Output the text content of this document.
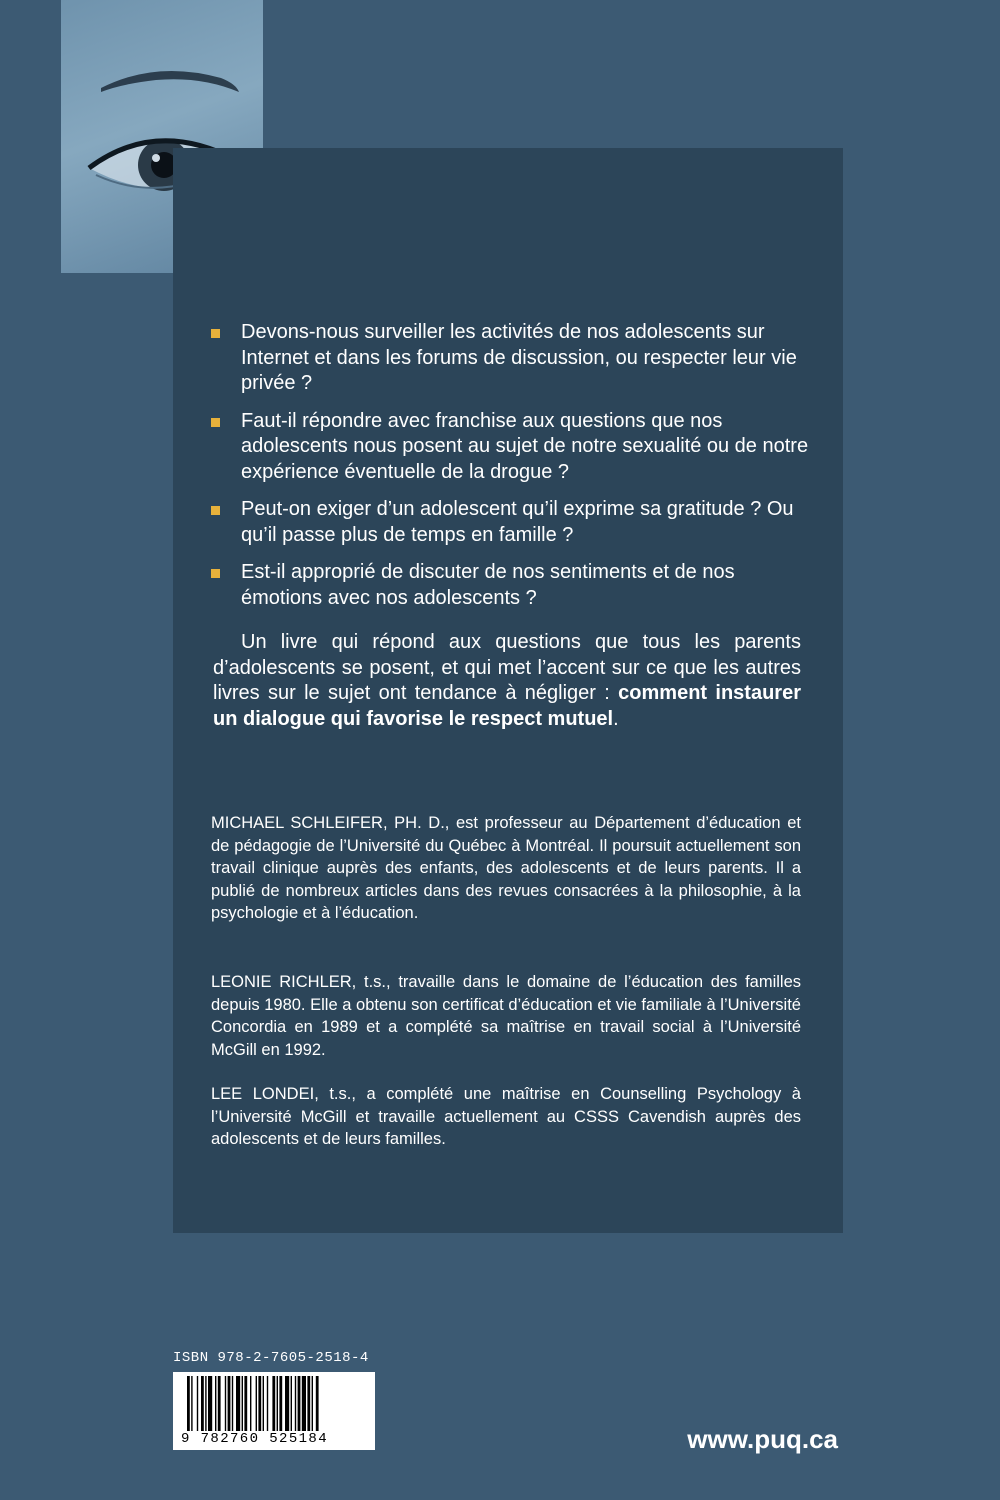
Devons-nous surveiller les activités de nos adolescents sur Internet et dans les forums de discussion, ou respecter leur vie privée ?
Faut-il répondre avec franchise aux questions que nos adolescents nous posent au sujet de notre sexualité ou de notre expérience éventuelle de la drogue ?
Peut-on exiger d’un adolescent qu’il exprime sa gratitude ? Ou qu’il passe plus de temps en famille ?
Est-il approprié de discuter de nos sentiments et de nos émotions avec nos adolescents ?

Un livre qui répond aux questions que tous les parents d’adolescents se posent, et qui met l’accent sur ce que les autres livres sur le sujet ont tendance à négliger : comment instaurer un dialogue qui favorise le respect mutuel.

MICHAEL SCHLEIFER, PH. D., est professeur au Département d’éducation et de pédagogie de l’Université du Québec à Montréal. Il poursuit actuellement son travail clinique auprès des enfants, des adolescents et de leurs parents. Il a publié de nombreux articles dans des revues consacrées à la philosophie, à la psychologie et à l’éducation.

LEONIE RICHLER, t.s., travaille dans le domaine de l’éducation des familles depuis 1980. Elle a obtenu son certificat d’éducation et vie familiale à l’Université Concordia en 1989 et a complété sa maîtrise en travail social à l’Université McGill en 1992.

LEE LONDEI, t.s., a complété une maîtrise en Counselling Psychology à l’Université McGill et travaille actuellement au CSSS Cavendish auprès des adolescents et de leurs familles.

ISBN 978-2-7605-2518-4
9 782760 525184	www.puq.ca
